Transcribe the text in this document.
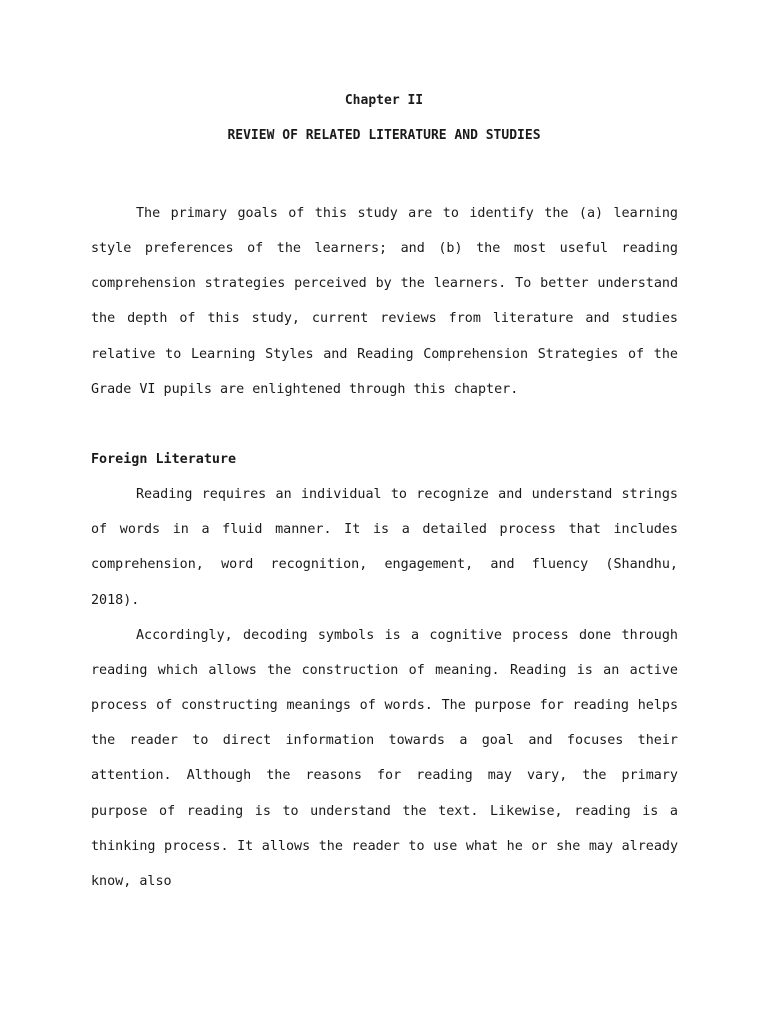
Chapter II
REVIEW OF RELATED LITERATURE AND STUDIES

The primary goals of this study are to identify the (a) learning style preferences of the learners; and (b) the most useful reading comprehension strategies perceived by the learners. To better understand the depth of this study, current reviews from literature and studies relative to Learning Styles and Reading Comprehension Strategies of the Grade VI pupils are enlightened through this chapter.

Foreign Literature

Reading requires an individual to recognize and understand strings of words in a fluid manner. It is a detailed process that includes comprehension, word recognition, engagement, and fluency (Shandhu, 2018).

Accordingly, decoding symbols is a cognitive process done through reading which allows the construction of meaning. Reading is an active process of constructing meanings of words. The purpose for reading helps the reader to direct information towards a goal and focuses their attention. Although the reasons for reading may vary, the primary purpose of reading is to understand the text. Likewise, reading is a thinking process. It allows the reader to use what he or she may already know, also
